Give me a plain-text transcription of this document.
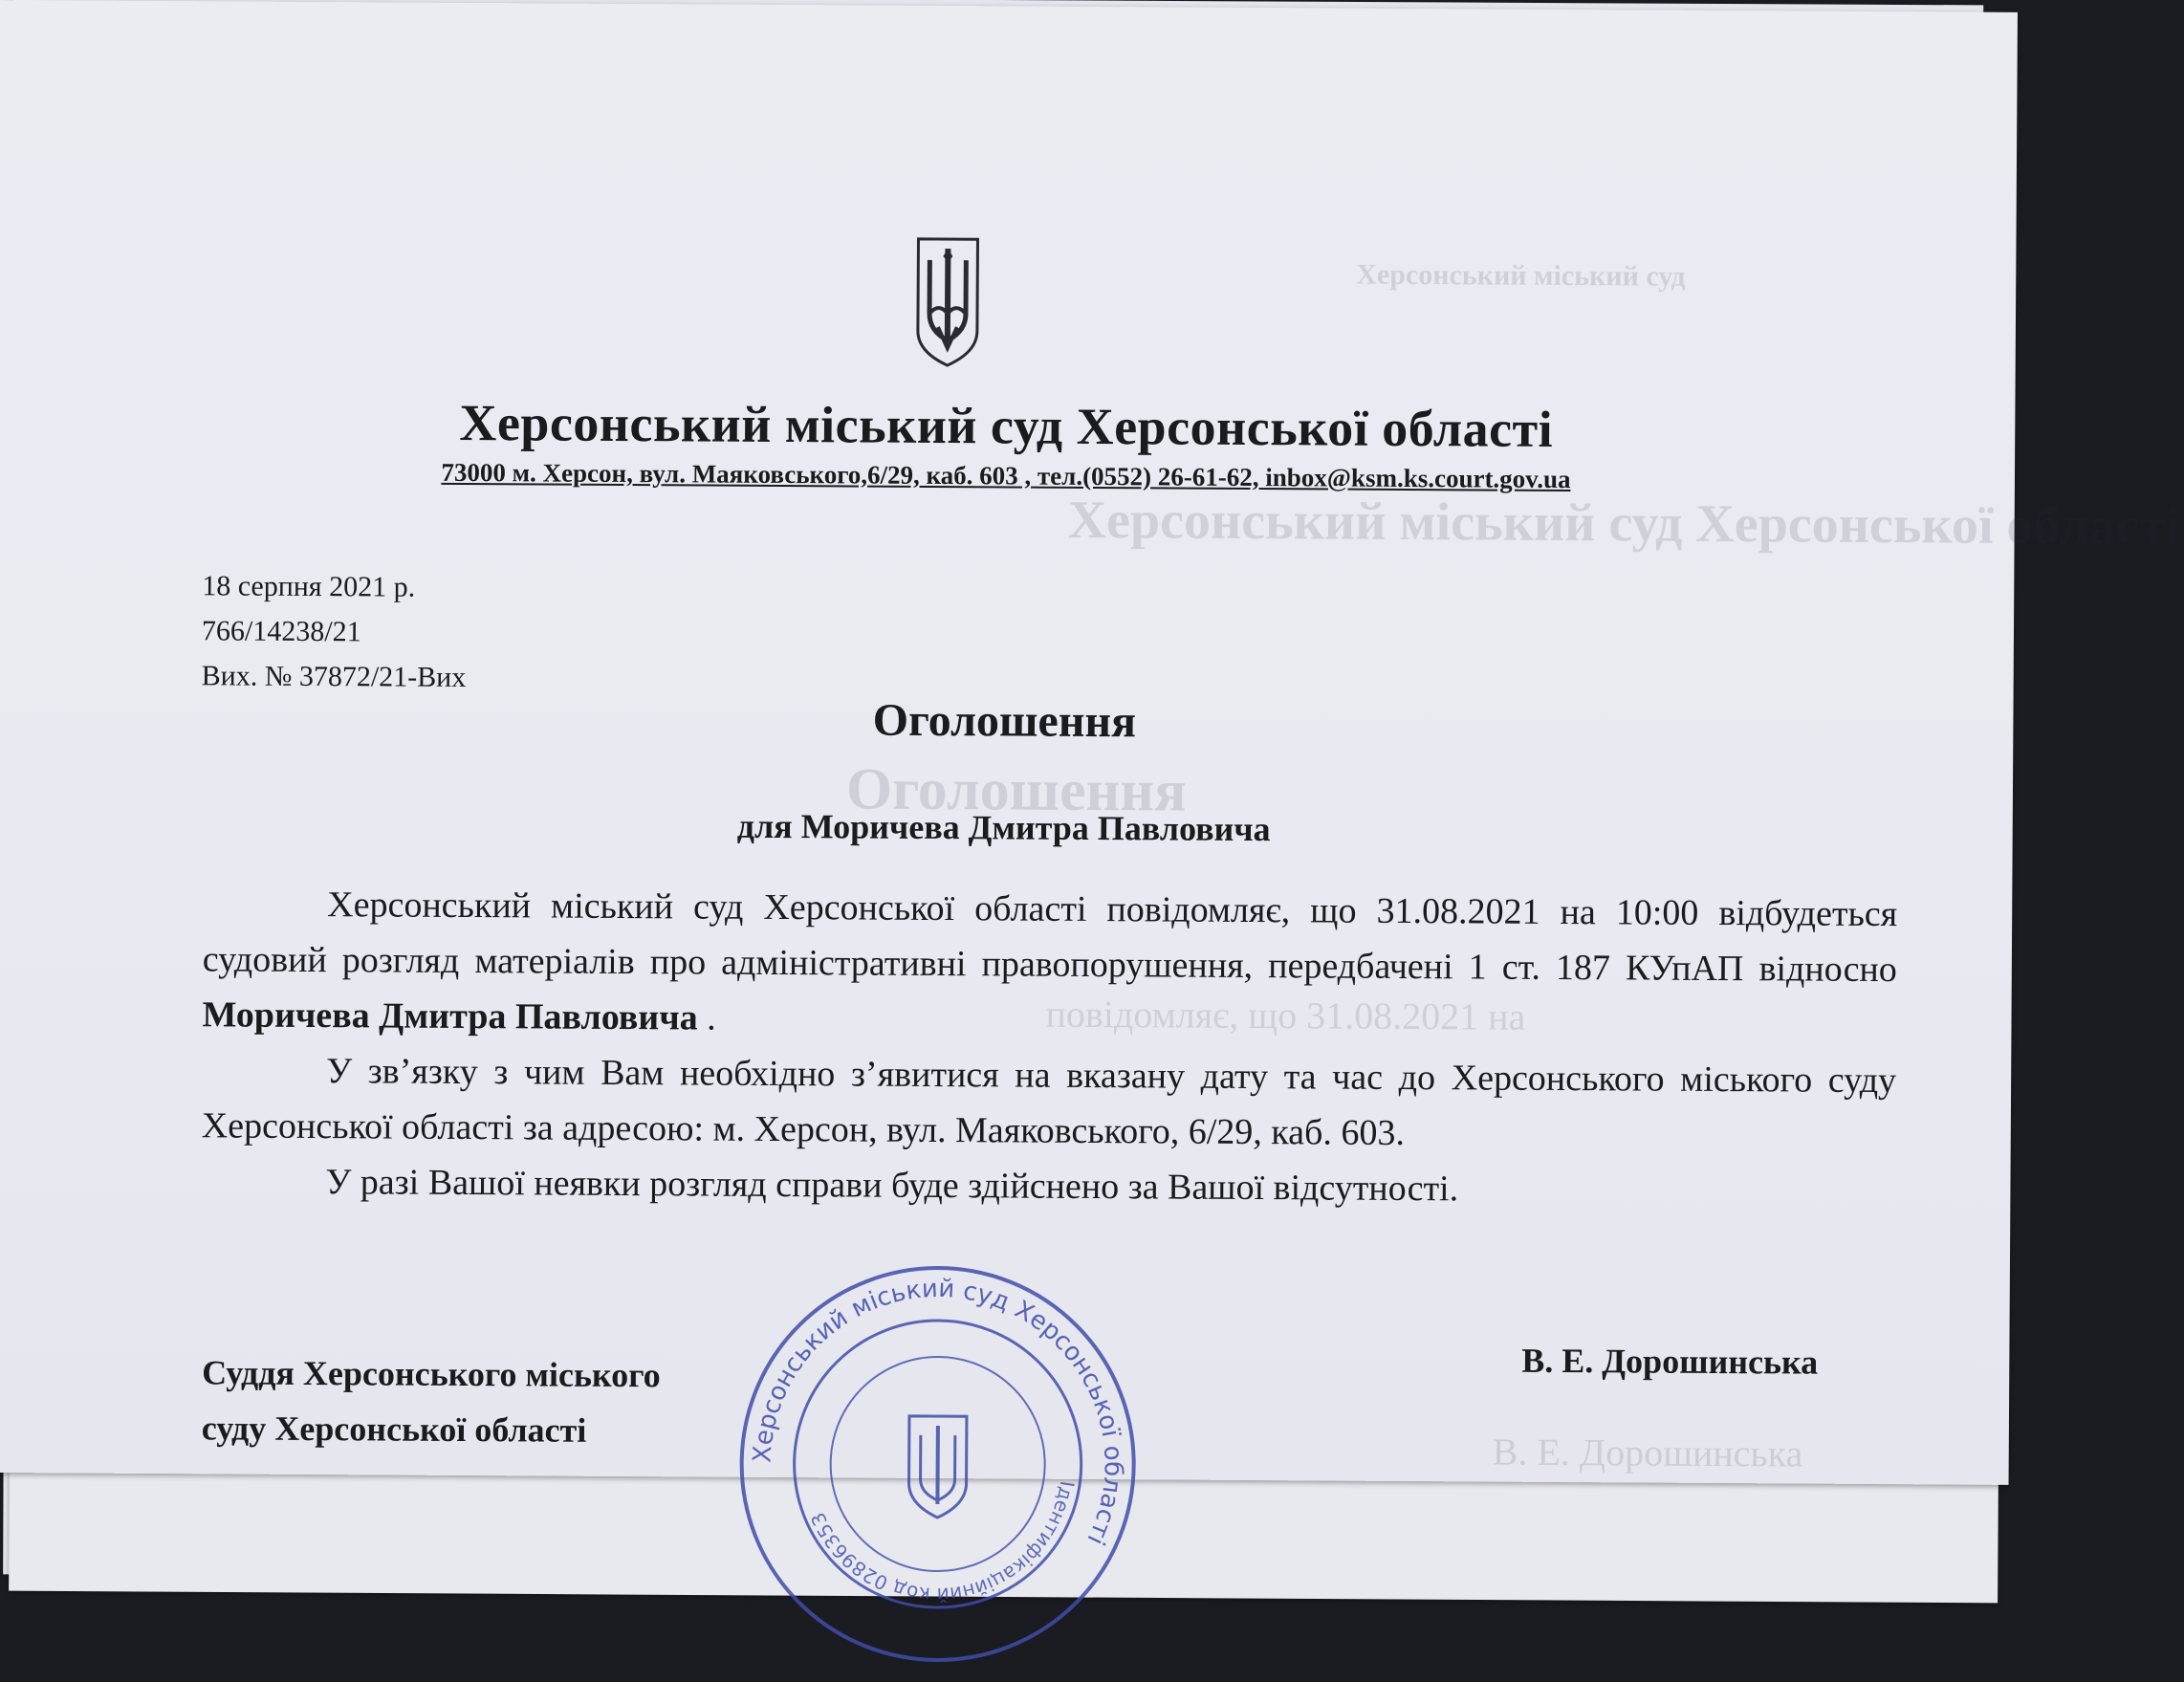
Херсонський міський суд
Херсонський міський суд Херсонської області
Оголошення
повідомляє, що 31.08.2021 на
В. Е. Дорошинська
Херсонський міський суд Херсонської області
73000 м. Херсон, вул. Маяковського,6/29, каб. 603 , тел.(0552) 26-61-62, inbox@ksm.ks.court.gov.ua
18 серпня 2021 р.
766/14238/21
Вих. № 37872/21-Вих
Оголошення
для Моричева Дмитра Павловича

Херсонський міський суд Херсонської області повідомляє, що 31.08.2021 на 10:00 відбудеться судовий розгляд матеріалів про адміністративні правопорушення, передбачені 1 ст. 187 КУпАП відносно Моричева Дмитра Павловича .

У зв’язку з чим Вам необхідно з’явитися на вказану дату та час до Херсонського міського суду Херсонської області за адресою: м. Херсон, вул. Маяковського, 6/29, каб. 603.

У разі Вашої неявки розгляд справи буде здійснено за Вашої відсутності.

Суддя Херсонського міського
суду Херсонської області
В. Е. Дорошинська
Херсонський міський суд Херсонської області
Ідентифікаційний код 02896353
